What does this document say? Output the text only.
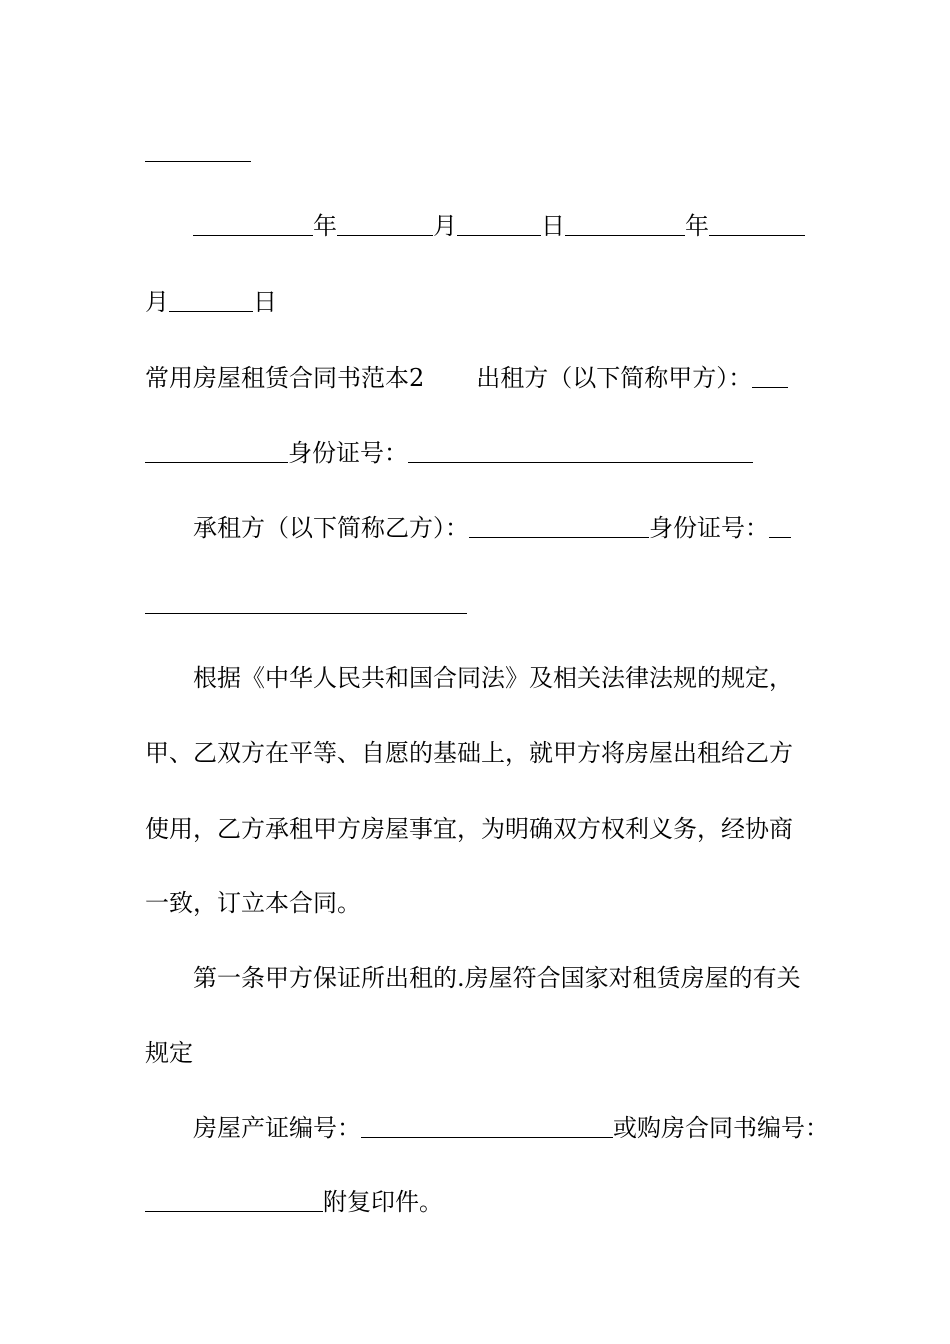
年	月	日	年
月	日
常用房屋租赁合同书范本2 出租方（以下简称甲方）：
身份证号：
承租方（以下简称乙方）：	身份证号：
根据《中华人民共和国合同法》及相关法律法规的规定，
甲、乙双方在平等、自愿的基础上，就甲方将房屋出租给乙方
使用，乙方承租甲方房屋事宜，为明确双方权利义务，经协商
一致，订立本合同。
第一条甲方保证所出租的.房屋符合国家对租赁房屋的有关
规定
房屋产证编号：	或购房合同书编号：
附复印件。
